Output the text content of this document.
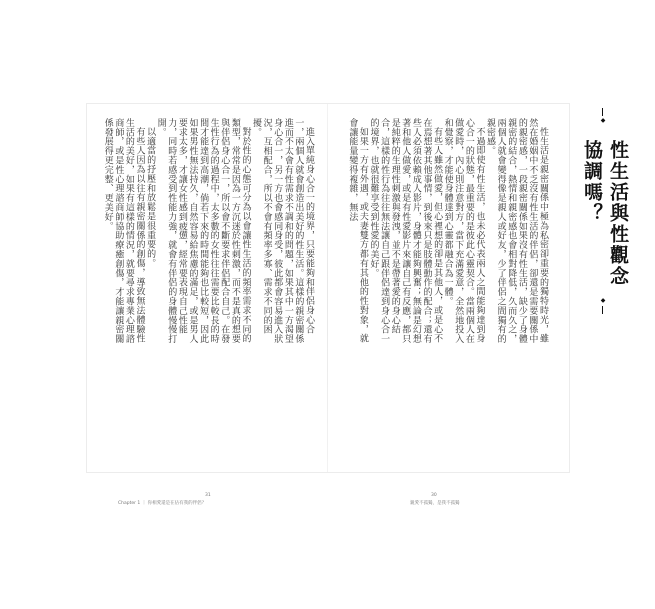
◆
性生活與性觀念協調嗎？
◆

性生活是親密關係中極為私密卻重要的獨特時光，雖然在婚姻中不乏沒有性生活的伴侶，卻還是需要關係中的親密感，一段親密關係如果沒有性生活，缺少了身體親密的結合，熱情和親密感也會相對降低，久而久之，兩個人就會變得像是親人或好友，少了伴侶之間獨有的親密感。

不過即使有性生活，也未必代表兩人之間能夠達到身心合一的狀態，最重要的是彼此心靈契合。當兩個人在做愛時，內心則注意對方，當下充滿愛意，全然地投入和覺察，才能使身體達到心靈都融合為一體。

有些人雖然做愛，但心裡想的卻是其他人，或是心不在焉想著其他事情，到後來只是肢體動作的配合；還有些人必須依賴成人影片，身體才能夠興奮；無論是幻想著和他人做愛，或是有性愛影片來讓自己有反應，都只是純粹的生理性刺激與發洩，並不是帶著愛的身心結合，這樣的性行為往往無法讓自己跟伴侶達到身心合一的境界，也就很難享受到性愛的美好。

如果一方有外遇，或夫妻雙方都有其他的性對象，就會讓能量變得複雜，無法

進入單純身心合一的境界，只要能夠和伴侶身心合一，兩個人就會創造出美好的性生活。這樣的親密關係進而不太會有性需求不調和的問題，如果其中一方渴望身心合一，另一方也會感同身受，彼此都會容易進入狀況，互相配合，所以不會有頻率多寡、需求不同的困擾。

對於性的心態可分為以會讓性生活的頻率需求不同的類型，常常是因為一方沉迷於性刺激，而不是真的想要與伴侶身心合一，所以會不斷要求伴侶配合自己。在發生性行為的過程中，太多數的女性往往需要比較長的時間才能達到高潮，倘若下來的時間能夠也比較短，因此如果男性無法持久，自然容易給焦慮的滿足，或是男人要求太多，才讓女性感到疲憊，經常要表現自己性能力，同時若感受到性能力強，就會有伴侶的身體慢慢打開。

以適當的抒壓和放鬆是很重要的。

有些人因為以往有親密關係的創傷，導致無法體驗性生活的美好，如果有這樣的情況，就要尋求專業心理諮商師，或是性心理諮商師協助療癒創傷，才能讓親密關係發展得更完整、更美好。

31	30
Chapter 1 ｜ 你相愛還是在佔有我的伴侶？	親愛不孤獨，是我不孤獨
